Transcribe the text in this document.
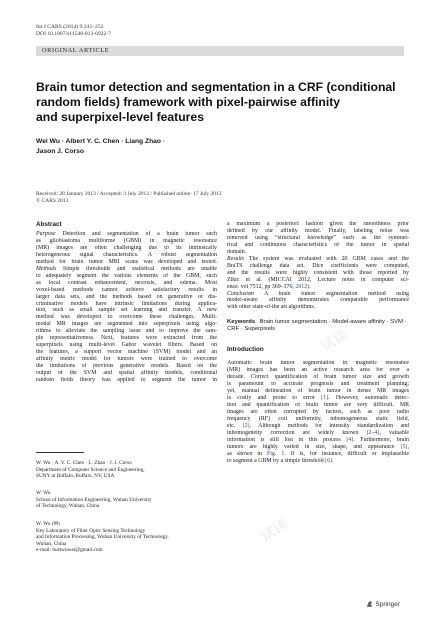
Int J CARS (2014) 9:241–253
DOI 10.1007/s11548-013-0922-7
ORIGINAL ARTICLE
Brain tumor detection and segmentation in a CRF (conditional
random fields) framework with pixel-pairwise affinity
and superpixel-level features
Wei Wu · Albert Y. C. Chen · Liang Zhao ·
Jason J. Corso
Received: 28 January 2013 / Accepted: 3 July 2013 / Published online: 17 July 2013
© CARS 2013
Abstract
Purpose Detection and segmentation of a brain tumor such
as glioblastoma multiforme (GBM) in magnetic resonance
(MR) images are often challenging due to its intrinsically
heterogeneous signal characteristics. A robust segmentation
method for brain tumor MRI scans was developed and tested.
Methods Simple thresholds and statistical methods are unable
to adequately segment the various elements of the GBM, such
as local contrast enhancement, necrosis, and edema. Most
voxel-based methods cannot achieve satisfactory results in
larger data sets, and the methods based on generative or dis-
criminative models have intrinsic limitations during applica-
tion, such as small sample set learning and transfer. A new
method was developed to overcome these challenges. Multi-
modal MR images are segmented into superpixels using algo-
rithms to alleviate the sampling issue and to improve the sam-
ple representativeness. Next, features were extracted from the
superpixels using multi-level Gabor wavelet filters. Based on
the features, a support vector machine (SVM) model and an
affinity metric model for tumors were trained to overcome
the limitations of previous generative models. Based on the
output of the SVM and spatial affinity models, conditional
random fields theory was applied to segment the tumor in
a maximum a posteriori fashion given the smoothness prior
defined by our affinity model. Finally, labeling noise was
removed using “structural knowledge” such as the symmet-
rical and continuous characteristics of the tumor in spatial
domain.
Results The system was evaluated with 20 GBM cases and the
BraTS challenge data set. Dice coefficients were computed,
and the results were highly consistent with those reported by
Zikic et al. (MICCAI 2012, Lecture notes in computer sci-
ence. vol 7512, pp 369–376, 2012).
Conclusion A brain tumor segmentation method using
model-aware affinity demonstrates comparable performance
with other state-of-the art algorithms.
Keywords Brain tumor segmentation · Model-aware affinity · SVM · CRF · Superpixels
Introduction
Automatic brain tumor segmentation in magnetic resonance
(MR) images has been an active research area for over a
decade. Correct quantification of brain tumor size and growth
is paramount to accurate prognosis and treatment planning;
yet, manual delineation of brain tumor in dense MR images
is costly and prone to error [1]. However, automatic detec-
tion and quantification of brain tumor are very difficult. MR
images are often corrupted by factors, such as poor radio
frequency (RF) coil uniformity, inhomogeneous static field,
etc. [2]. Although methods for intensity standardization and
inhomogeneity correction are widely known [2–4], valuable
information is still lost in this process [4]. Furthermore, brain
tumors are highly varied in size, shape, and appearance [5],
as shown in Fig. 1. It is, for instance, difficult or implausible
to segment a GBM by a simple threshold [6].
W. Wu · A. Y. C. Chen · L. Zhao · J. J. Corso
Department of Computer Science and Engineering,
SUNY at Buffalo, Buffalo, NY, USA
W. Wu
School of Information Engineering, Wuhan University
of Technology, Wuhan, China
W. Wu (✉)
Key Laboratory of Fiber Optic Sensing Technology
and Information Processing, Wuhan University of Technology,
Wuhan, China
e-mail: hustwuwei@gmail.com
Springer
试读
试读
试读
